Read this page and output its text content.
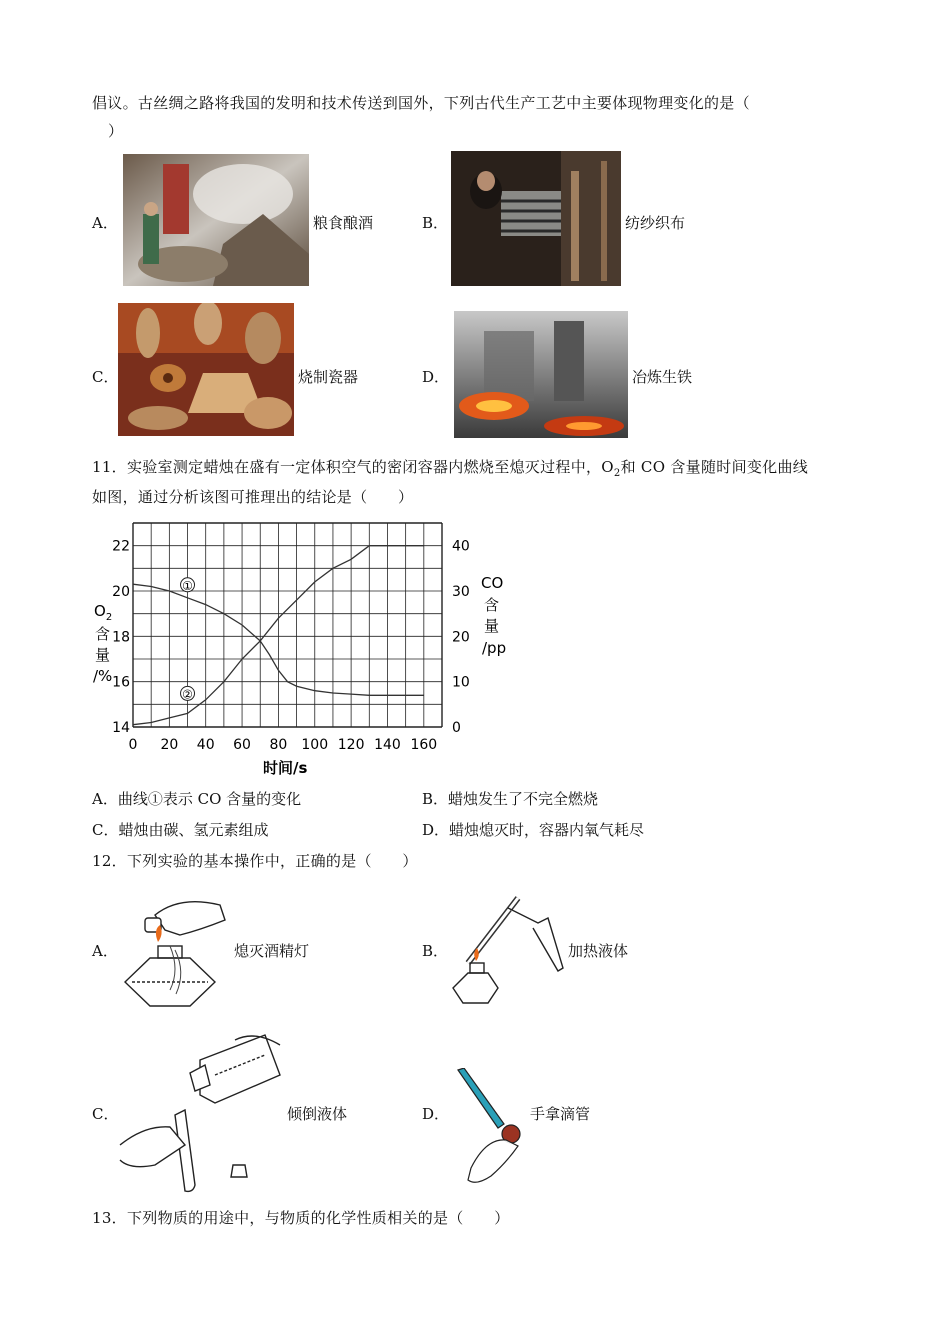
倡议。古丝绸之路将我国的发明和技术传送到国外，下列古代生产工艺中主要体现物理变化的是（
）
A．	粮食酿酒	B．	纺纱织布
C．	烧制瓷器	D．	冶炼生铁
11．实验室测定蜡烛在盛有一定体积空气的密闭容器内燃烧至熄灭过程中，$O_2$和 CO 含量随时间变化曲线
如图，通过分析该图可推理出的结论是（　　）
0 20 40 60 80 100 120 140 160
14
16
18
20
22
0
10
20
30
40
①
②
时间/s
$O_2$
含
量
/%
CO
含
量
/pp
A．曲线①表示 CO 含量的变化	B．蜡烛发生了不完全燃烧
C．蜡烛由碳、氢元素组成	D．蜡烛熄灭时，容器内氧气耗尽
12．下列实验的基本操作中，正确的是（　　）
A．	熄灭酒精灯	B．	加热液体
C．	倾倒液体	D．	手拿滴管
13．下列物质的用途中，与物质的化学性质相关的是（　　）
